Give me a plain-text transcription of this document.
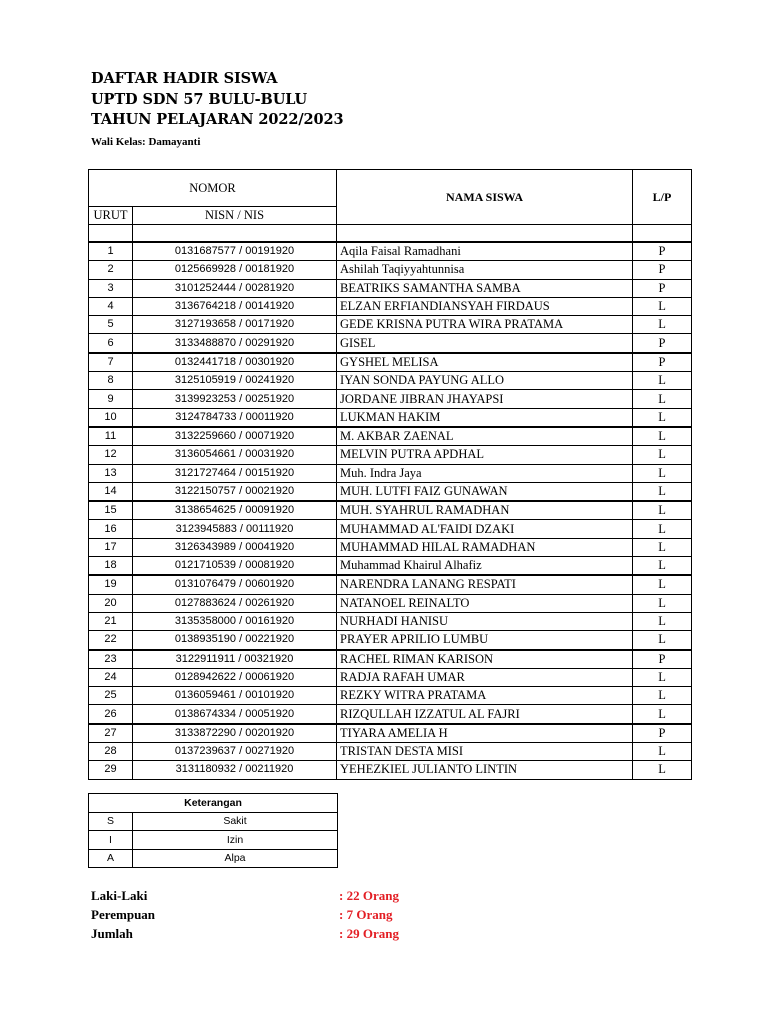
DAFTAR HADIR SISWA
UPTD SDN 57 BULU-BULU
TAHUN PELAJARAN 2022/2023
Wali Kelas: Damayanti
NOMOR		NAMA SISWA	L/P
URUT	NISN / NIS		

1	0131687577 / 00191920	Aqila Faisal Ramadhani	P
2	0125669928 / 00181920	Ashilah Taqiyyahtunnisa	P
3	3101252444 / 00281920	BEATRIKS SAMANTHA SAMBA	P
4	3136764218 / 00141920	ELZAN ERFIANDIANSYAH FIRDAUS	L
5	3127193658 / 00171920	GEDE KRISNA PUTRA WIRA PRATAMA	L
6	3133488870 / 00291920	GISEL	P
7	0132441718 / 00301920	GYSHEL MELISA	P
8	3125105919 / 00241920	IYAN SONDA PAYUNG ALLO	L
9	3139923253 / 00251920	JORDANE JIBRAN JHAYAPSI	L
10	3124784733 / 00011920	LUKMAN HAKIM	L
11	3132259660 / 00071920	M. AKBAR ZAENAL	L
12	3136054661 / 00031920	MELVIN PUTRA APDHAL	L
13	3121727464 / 00151920	Muh. Indra Jaya	L
14	3122150757 / 00021920	MUH. LUTFI FAIZ GUNAWAN	L
15	3138654625 / 00091920	MUH. SYAHRUL RAMADHAN	L
16	3123945883 / 00111920	MUHAMMAD AL'FAIDI DZAKI	L
17	3126343989 / 00041920	MUHAMMAD HILAL RAMADHAN	L
18	0121710539 / 00081920	Muhammad Khairul Alhafiz	L
19	0131076479 / 00601920	NARENDRA LANANG RESPATI	L
20	0127883624 / 00261920	NATANOEL REINALTO	L
21	3135358000 / 00161920	NURHADI HANISU	L
22	0138935190 / 00221920	PRAYER APRILIO LUMBU	L
23	3122911911 / 00321920	RACHEL RIMAN KARISON	P
24	0128942622 / 00061920	RADJA RAFAH UMAR	L
25	0136059461 / 00101920	REZKY WITRA PRATAMA	L
26	0138674334 / 00051920	RIZQULLAH IZZATUL AL FAJRI	L
27	3133872290 / 00201920	TIYARA AMELIA H	P
28	0137239637 / 00271920	TRISTAN DESTA MISI	L
29	3131180932 / 00211920	YEHEZKIEL JULIANTO LINTIN	L
Keterangan	
S	Sakit
I	Izin
A	Alpa
Laki-Laki	: 22 Orang
Perempuan	: 7 Orang
Jumlah	: 29 Orang
